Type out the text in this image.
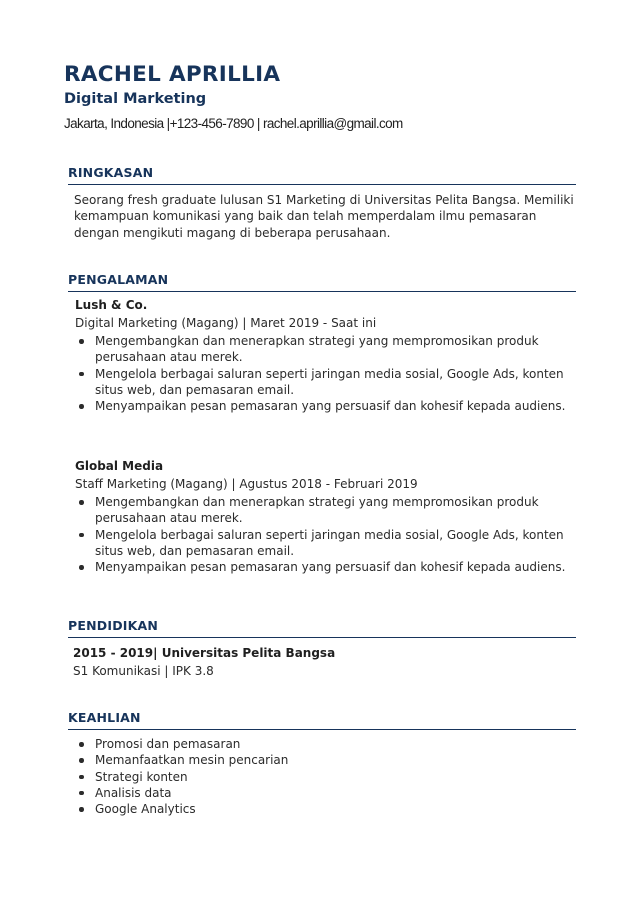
RACHEL APRILLIA
Digital Marketing
Jakarta, Indonesia |+123-456-7890 | rachel.aprillia@gmail.com
RINGKASAN
Seorang fresh graduate lulusan S1 Marketing di Universitas Pelita Bangsa. Memiliki kemampuan komunikasi yang baik dan telah memperdalam ilmu pemasaran dengan mengikuti magang di beberapa perusahaan.
PENGALAMAN
Lush & Co.
Digital Marketing (Magang) | Maret 2019 - Saat ini
Mengembangkan dan menerapkan strategi yang mempromosikan produk perusahaan atau merek.
Mengelola berbagai saluran seperti jaringan media sosial, Google Ads, konten situs web, dan pemasaran email.
Menyampaikan pesan pemasaran yang persuasif dan kohesif kepada audiens.
Global Media
Staff Marketing (Magang) | Agustus 2018 - Februari 2019
Mengembangkan dan menerapkan strategi yang mempromosikan produk perusahaan atau merek.
Mengelola berbagai saluran seperti jaringan media sosial, Google Ads, konten situs web, dan pemasaran email.
Menyampaikan pesan pemasaran yang persuasif dan kohesif kepada audiens.
PENDIDIKAN
2015 - 2019| Universitas Pelita Bangsa
S1 Komunikasi | IPK 3.8
KEAHLIAN
Promosi dan pemasaran
Memanfaatkan mesin pencarian
Strategi konten
Analisis data
Google Analytics
